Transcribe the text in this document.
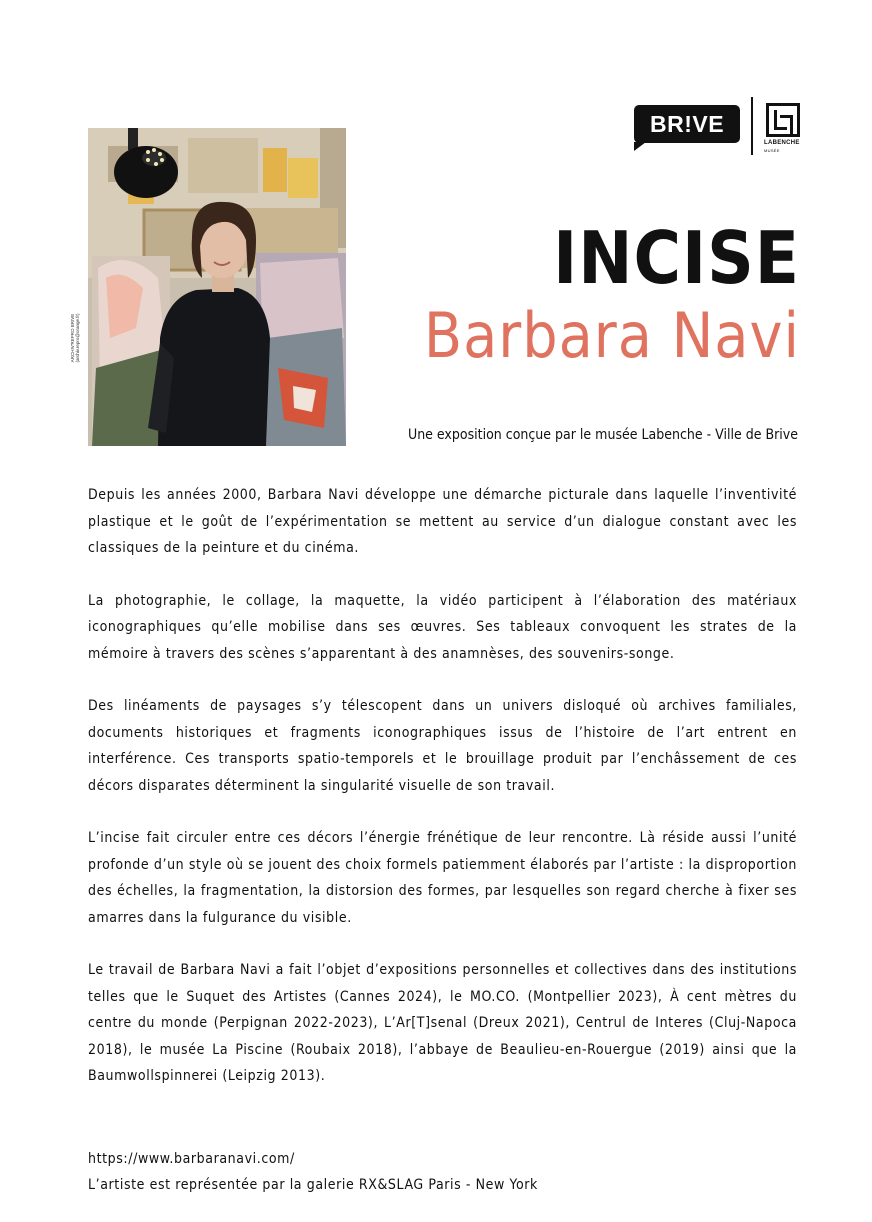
BR!VE
LABENCHE
MUSÉE
ARCHIV'REPRO BRIVE (archiv.repro@orange.fr)
INCISE
Barbara Navi
Une exposition conçue par le musée Labenche - Ville de Brive

Depuis les années 2000, Barbara Navi développe une démarche picturale dans laquelle l’inventivité plastique et le goût de l’expérimentation se mettent au service d’un dialogue constant avec les classiques de la peinture et du cinéma.

La photographie, le collage, la maquette, la vidéo participent à l’élaboration des matériaux iconographiques qu’elle mobilise dans ses œuvres. Ses tableaux convoquent les strates de la mémoire à travers des scènes s’apparentant à des anamnèses, des souvenirs-songe.

Des linéaments de paysages s’y télescopent dans un univers disloqué où archives familiales, documents historiques et fragments iconographiques issus de l’histoire de l’art entrent en interférence. Ces transports spatio-temporels et le brouillage produit par l’enchâssement de ces décors disparates déterminent la singularité visuelle de son travail.

L’incise fait circuler entre ces décors l’énergie frénétique de leur rencontre. Là réside aussi l’unité profonde d’un style où se jouent des choix formels patiemment élaborés par l’artiste : la disproportion des échelles, la fragmentation, la distorsion des formes, par lesquelles son regard cherche à fixer ses amarres dans la fulgurance du visible.

Le travail de Barbara Navi a fait l’objet d’expositions personnelles et collectives dans des institutions telles que le Suquet des Artistes (Cannes 2024), le MO.CO. (Montpellier 2023), À cent mètres du centre du monde (Perpignan 2022-2023), L’Ar[T]senal (Dreux 2021), Centrul de Interes (Cluj-Napoca 2018), le musée La Piscine (Roubaix 2018), l’abbaye de Beaulieu-en-Rouergue (2019) ainsi que la Baumwollspinnerei (Leipzig 2013).

https://www.barbaranavi.com/
L’artiste est représentée par la galerie RX&SLAG Paris - New York
